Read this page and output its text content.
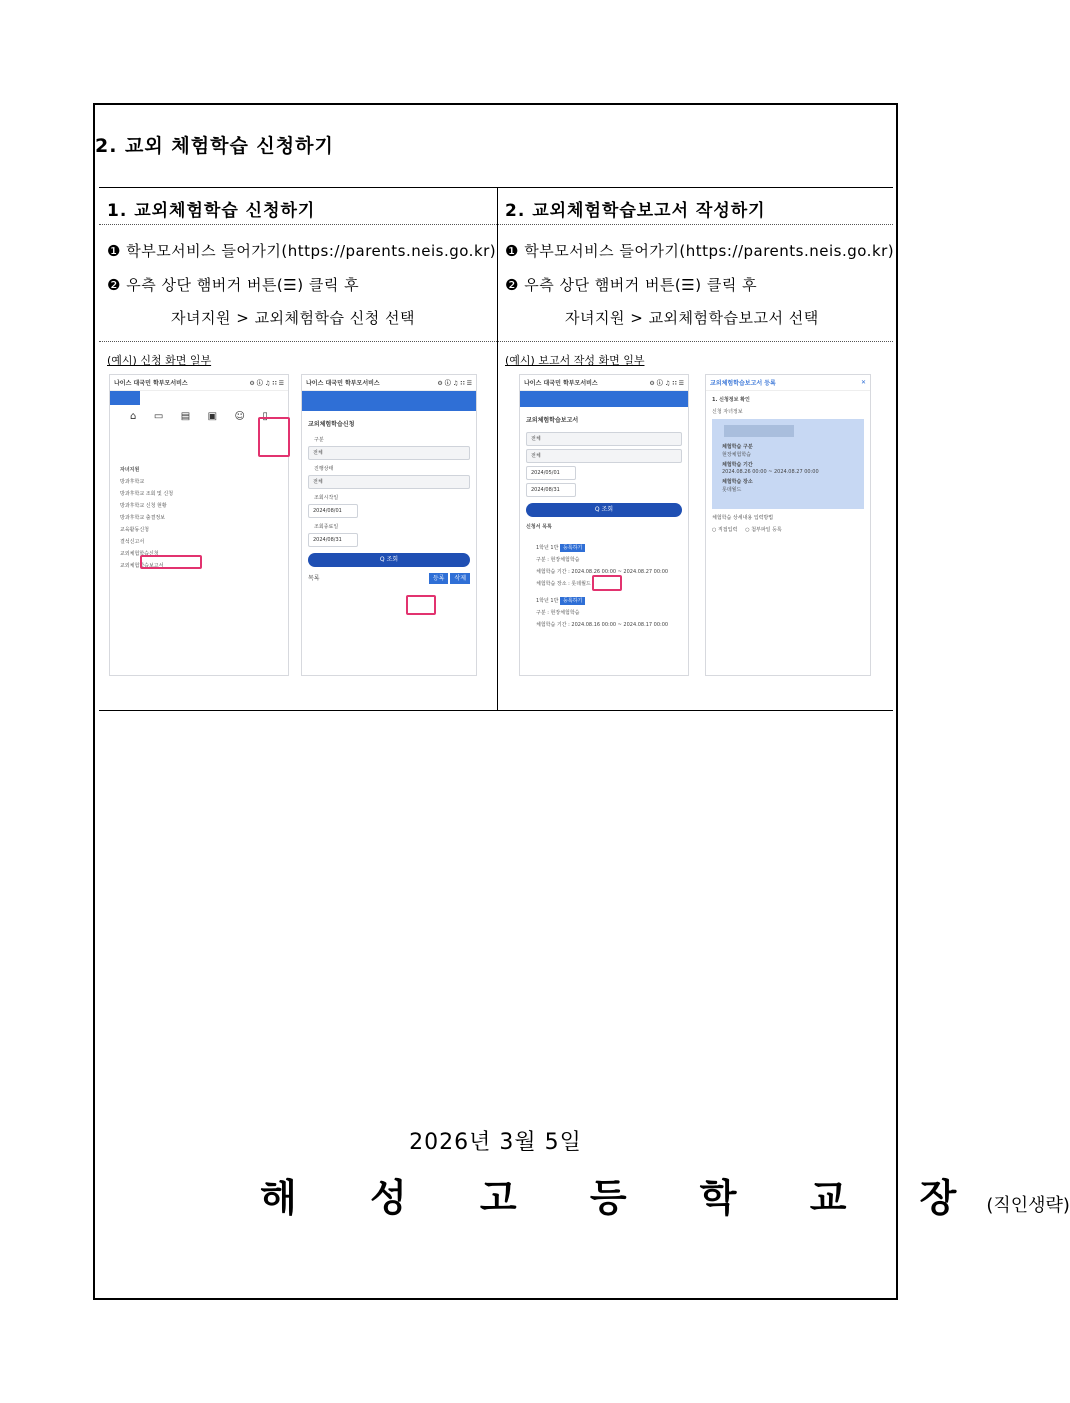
2. 교외 체험학습 신청하기
1. 교외체험학습 신청하기
❶ 학부모서비스 들어가기(https://parents.neis.go.kr)
❷ 우측 상단 햄버거 버튼(☰) 클릭 후
자녀지원 > 교외체험학습 신청 선택
(예시) 신청 화면 일부
2. 교외체험학습보고서 작성하기
❶ 학부모서비스 들어가기(https://parents.neis.go.kr)
❷ 우측 상단 햄버거 버튼(☰) 클릭 후
자녀지원 > 교외체험학습보고서 선택
(예시) 보고서 작성 화면 일부
나이스 대국민 학부모서비스	⚙ ⓘ ♫ ∷ ☰
⌂ ▭ ▤ ▣ ☺ ▯
자녀지원
방과후학교
방과후학교 조회 및 신청
방과후학교 신청 현황
방과후학교 출결정보
교육활동신청
결석신고서
교외체험학습신청
교외체험학습보고서
나이스 대국민 학부모서비스	⚙ ⓘ ♫ ∷ ☰
교외체험학습신청
구분
전체
진행상태
전체
조회시작일
2024/08/01
조회종료일
2024/08/31
Q 조회
목록	등록 삭제
나이스 대국민 학부모서비스	⚙ ⓘ ♫ ∷ ☰
교외체험학습보고서
전체
전체
2024/05/01
2024/08/31
Q 조회
신청서 목록
1학년 1반 등록하기
구분 : 현장체험학습
체험학습 기간 : 2024.08.26 00:00 ~ 2024.08.27 00:00
체험학습 장소 : 롯데월드
1학년 1반 등록하기
구분 : 현장체험학습
체험학습 기간 : 2024.08.16 00:00 ~ 2024.08.17 00:00
교외체험학습보고서 등록	✕
1. 신청정보 확인
신청 자녀정보
체험학습 구분
현장체험학습
체험학습 기간
2024.08.26 00:00 ~ 2024.08.27 00:00
체험학습 장소
롯데월드
체험학습 상세내용 입력방법
○ 직접입력     ○ 첨부파일 등록
2026년 3월 5일
해 성 고 등 학 교 장(직인생략)
